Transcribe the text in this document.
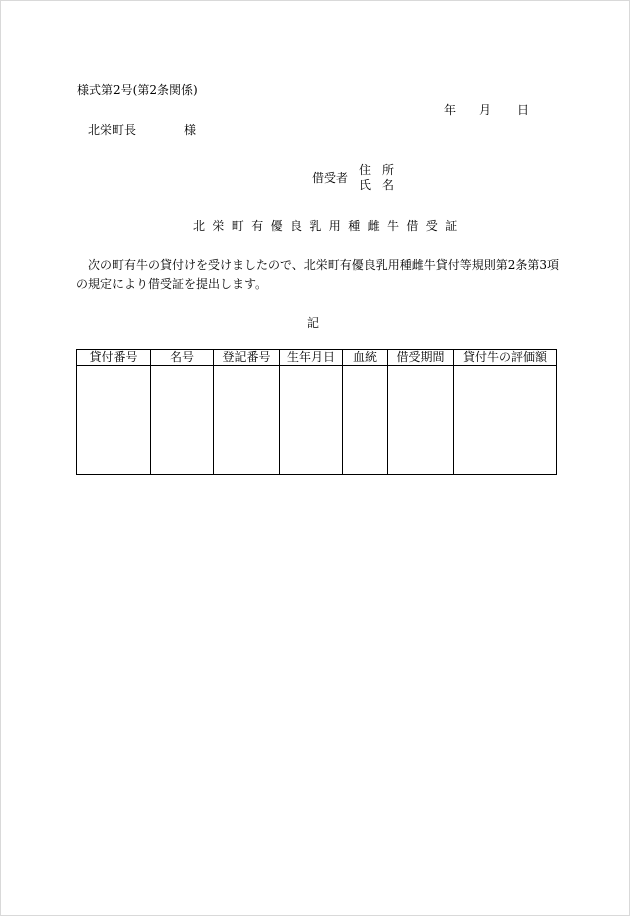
様式第2号(第2条関係)
年 月 日
北栄町長	様
借受者
住所
氏名
北栄町有優良乳用種雌牛借受証
次の町有牛の貸付けを受けましたので、北栄町有優良乳用種雌牛貸付等規則第2条第3項
の規定により借受証を提出します。
記
貸付番号	名号	登記番号	生年月日	血統	借受期間	貸付牛の評価額
